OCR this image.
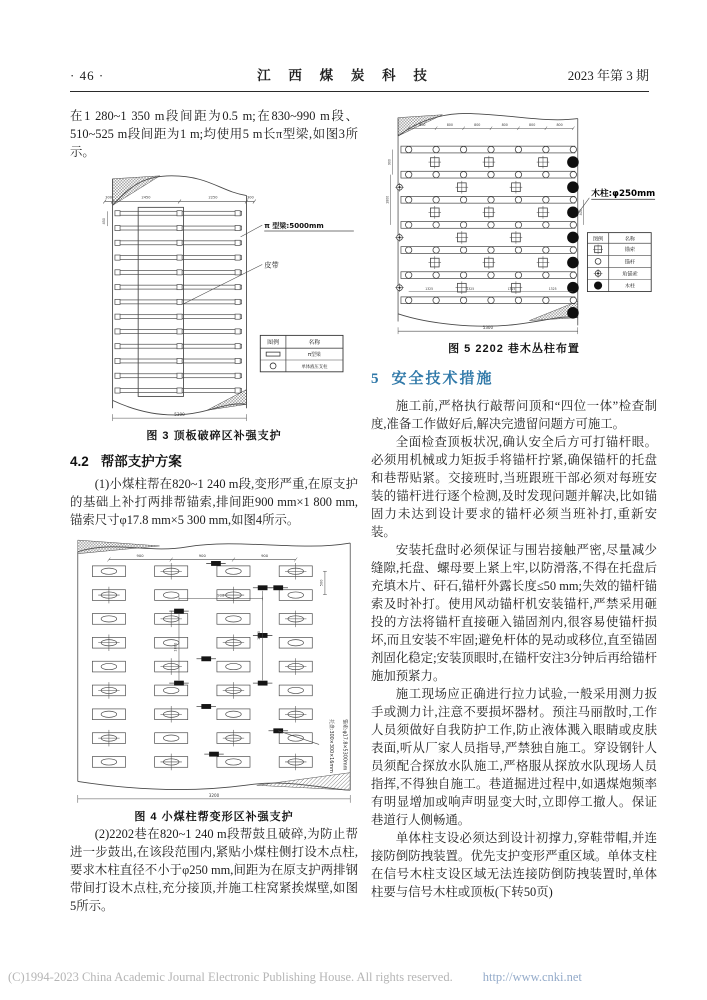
· 46 ·	江 西 煤 炭 科 技	2023 年第 3 期

在1 280~1 350 m段间距为0.5 m;在830~990 m段、510~525 m段间距为1 m;均使用5 m长π型梁,如图3所示。

300	2450	2250	300
450	π 型梁:5000mm
皮带
图例	名称
π型梁
单体液压支柱
5300
图 3 顶板破碎区补强支护
4.2 帮部支护方案

(1)小煤柱帮在820~1 240 m段,变形严重,在原支护的基础上补打两排帮锚索,排间距900 mm×1 800 mm,锚索尺寸φ17.8 mm×5 300 mm,如图4所示。

900	900	900
900
1800
1800
500
锚索:φ17.8×5300mm
托盘:300×300×16mm
3200
图 4 小煤柱帮变形区补强支护

(2)2202巷在820~1 240 m段帮鼓且破碎,为防止帮进一步鼓出,在该段范围内,紧贴小煤柱侧打设木点柱,要求木柱直径不小于φ250 mm,间距为在原支护两排钢带间打设木点柱,充分接顶,并施工柱窝紧挨煤壁,如图5所示。

木柱:φ250mm
图例	名称
锚索
锚杆
角锚索
木柱
800	800	800	800	800	800
900
1800
400
1325	1325	1325	1325
5300
图 5 2202 巷木丛柱布置
5 安全技术措施

施工前,严格执行敲帮问顶和“四位一体”检查制度,准备工作做好后,解决完遗留问题方可施工。

全面检查顶板状况,确认安全后方可打锚杆眼。必须用机械或力矩扳手将锚杆拧紧,确保锚杆的托盘和巷帮贴紧。交接班时,当班跟班干部必须对每班安装的锚杆进行逐个检测,及时发现问题并解决,比如锚固力未达到设计要求的锚杆必须当班补打,重新安装。

安装托盘时必须保证与围岩接触严密,尽量减少缝隙,托盘、螺母要上紧上牢,以防滑落,不得在托盘后充填木片、矸石,锚杆外露长度≤50 mm;失效的锚杆锚索及时补打。使用风动锚杆机安装锚杆,严禁采用砸投的方法将锚杆直接砸入锚固剂内,很容易使锚杆损坏,而且安装不牢固;避免杆体的晃动或移位,直至锚固剂固化稳定;安装顶眼时,在锚杆安注3分钟后再给锚杆施加预紧力。

施工现场应正确进行拉力试验,一般采用测力扳手或测力计,注意不要损坏器材。预注马丽散时,工作人员须做好自我防护工作,防止液体溅入眼睛或皮肤表面,听从厂家人员指导,严禁独自施工。穿设钢针人员须配合探放水队施工,严格服从探放水队现场人员指挥,不得独自施工。巷道掘进过程中,如遇煤炮频率有明显增加或响声明显变大时,立即停工撤人。保证巷道行人侧畅通。

单体柱支设必须达到设计初撑力,穿鞋带帽,并连接防倒防拽装置。优先支护变形严重区域。单体支柱在信号木柱支设区域无法连接防倒防拽装置时,单体柱要与信号木柱或顶板(下转50页)

(C)1994-2023 China Academic Journal Electronic Publishing House. All rights reserved. http://www.cnki.net
